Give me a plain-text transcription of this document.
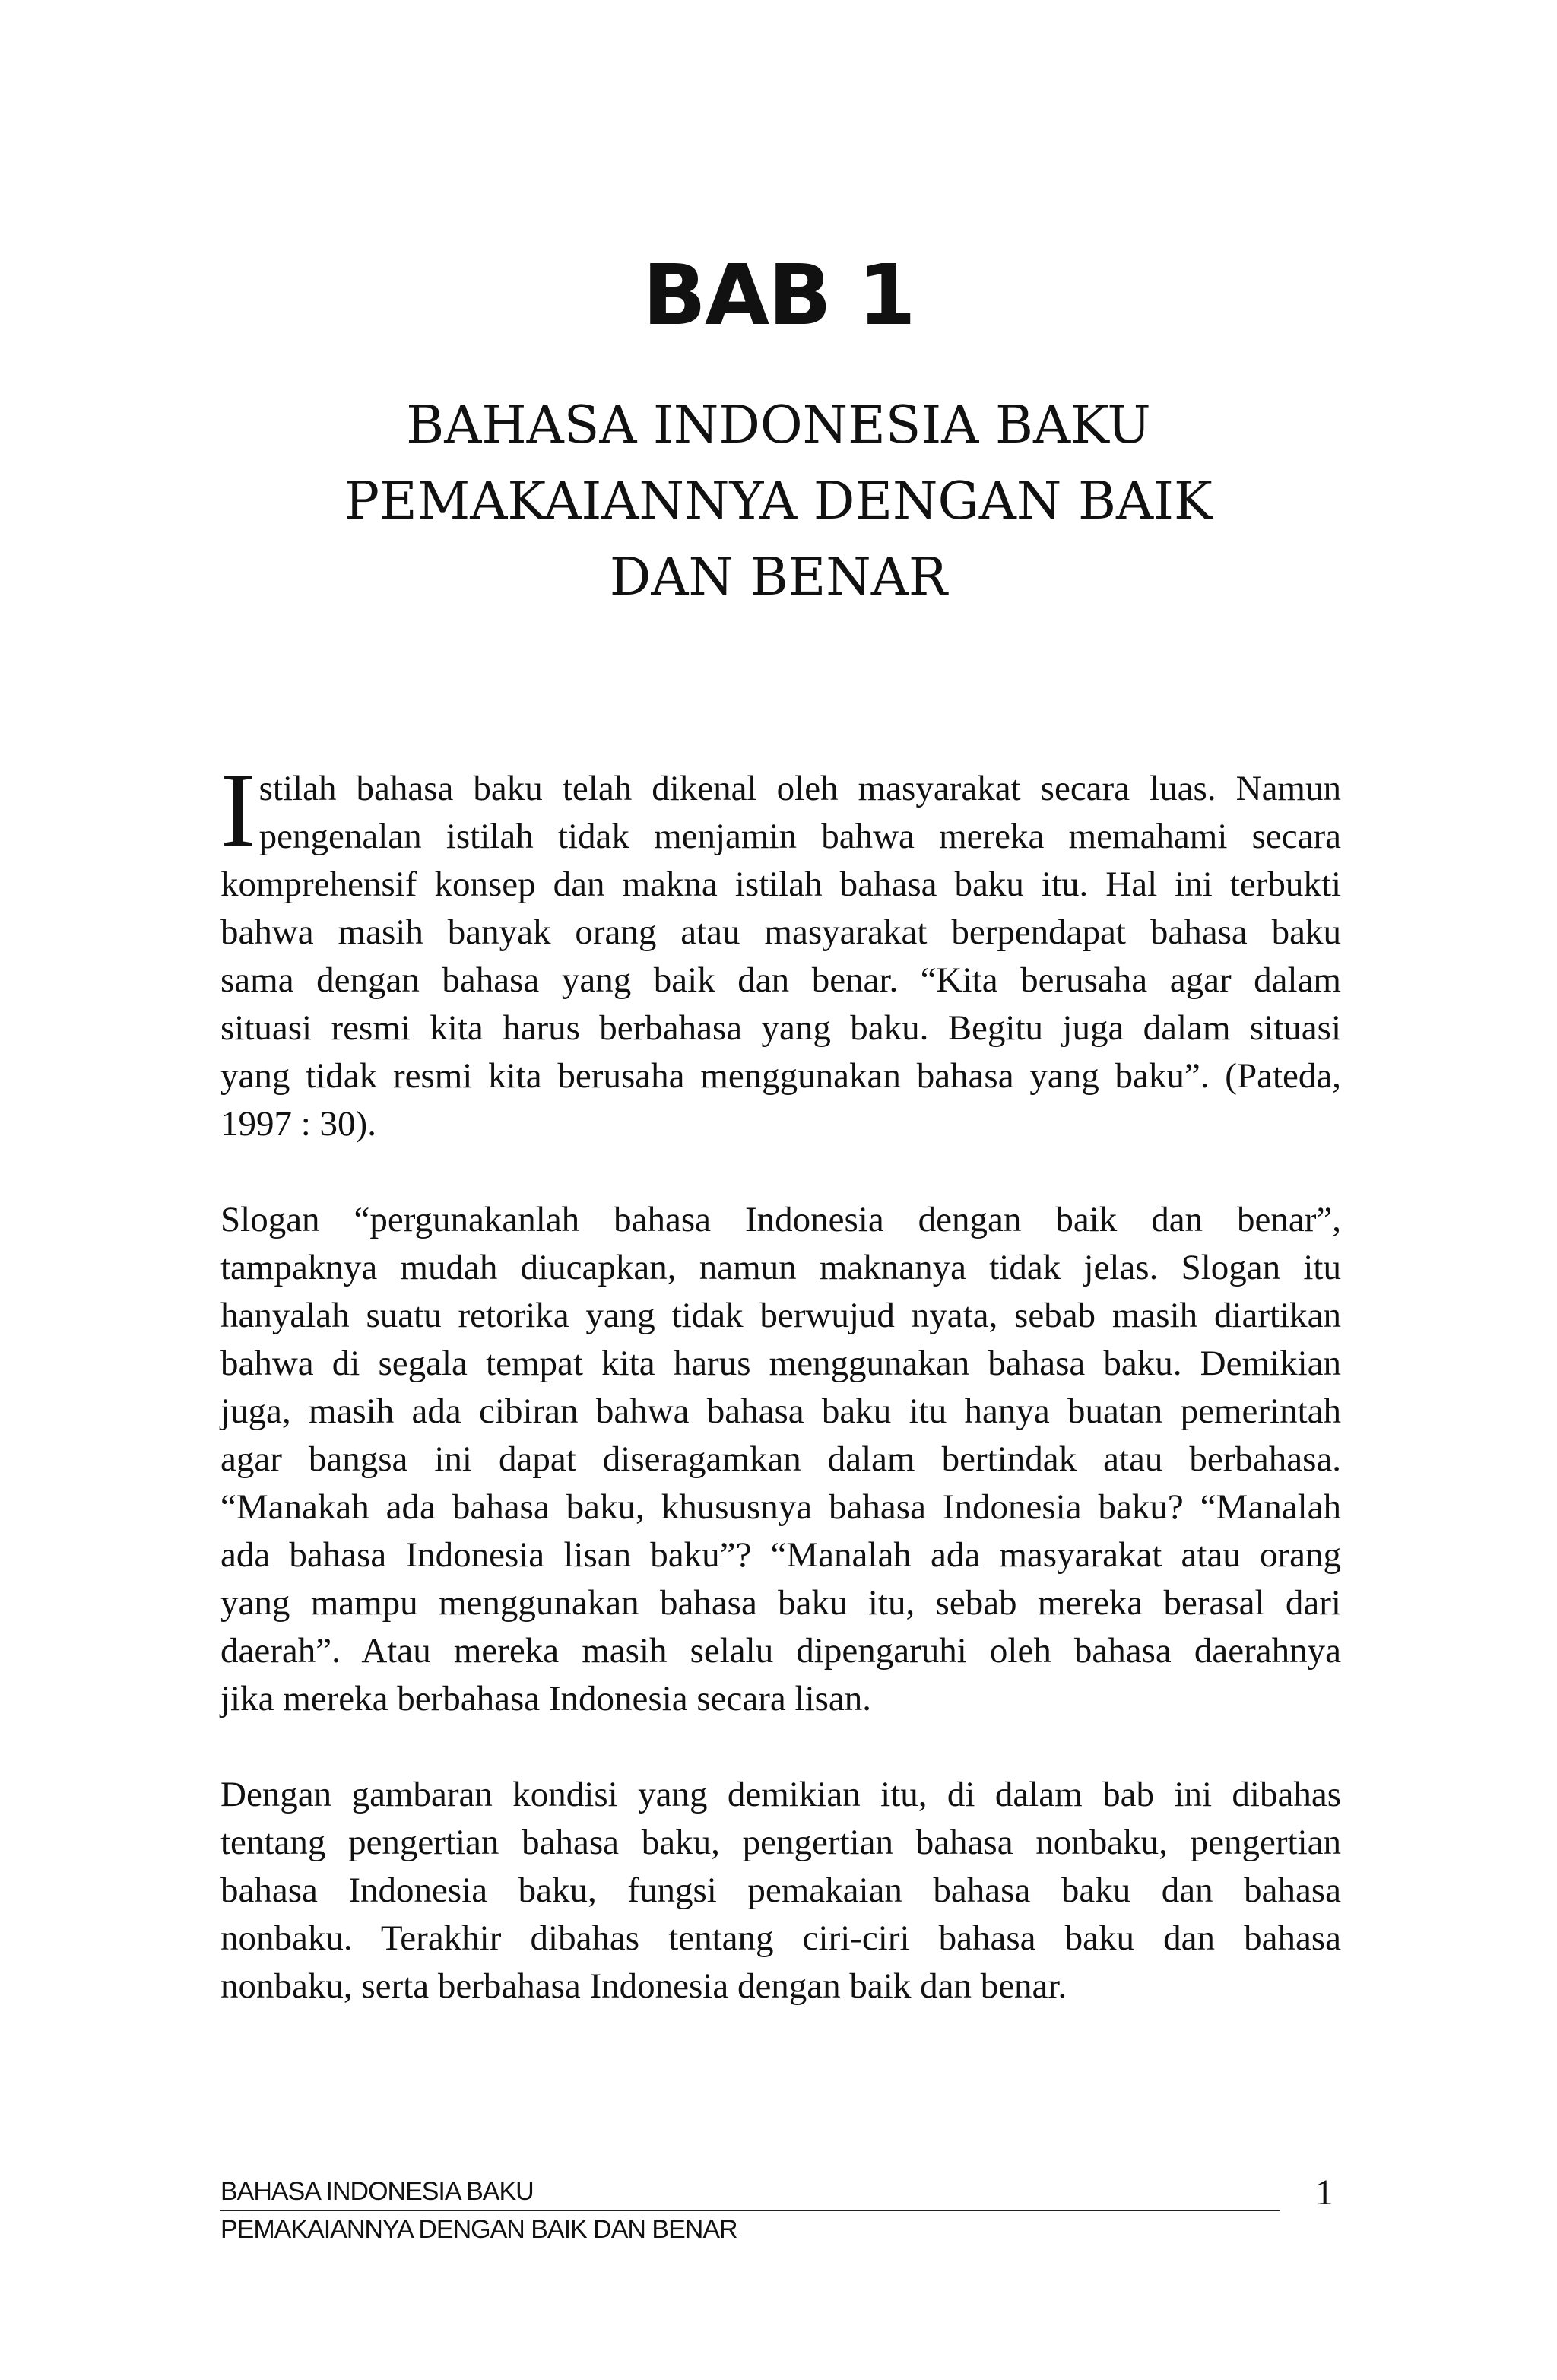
BAB 1
BAHASA INDONESIA BAKU
PEMAKAIANNYA DENGAN BAIK
DAN BENAR

I stilah bahasa baku telah dikenal oleh masyarakat secara luas. Namun
pengenalan istilah tidak menjamin bahwa mereka memahami secara
komprehensif konsep dan makna istilah bahasa baku itu. Hal ini terbukti
bahwa masih banyak orang atau masyarakat berpendapat bahasa baku
sama dengan bahasa yang baik dan benar. “Kita berusaha agar dalam
situasi resmi kita harus berbahasa yang baku. Begitu juga dalam situasi
yang tidak resmi kita berusaha menggunakan bahasa yang baku”. (Pateda,
1997 : 30).

Slogan “pergunakanlah bahasa Indonesia dengan baik dan benar”,
tampaknya mudah diucapkan, namun maknanya tidak jelas. Slogan itu
hanyalah suatu retorika yang tidak berwujud nyata, sebab masih diartikan
bahwa di segala tempat kita harus menggunakan bahasa baku. Demikian
juga, masih ada cibiran bahwa bahasa baku itu hanya buatan pemerintah
agar bangsa ini dapat diseragamkan dalam bertindak atau berbahasa.
“Manakah ada bahasa baku, khususnya bahasa Indonesia baku? “Manalah
ada bahasa Indonesia lisan baku”? “Manalah ada masyarakat atau orang
yang mampu menggunakan bahasa baku itu, sebab mereka berasal dari
daerah”. Atau mereka masih selalu dipengaruhi oleh bahasa daerahnya
jika mereka berbahasa Indonesia secara lisan.

Dengan gambaran kondisi yang demikian itu, di dalam bab ini dibahas
tentang pengertian bahasa baku, pengertian bahasa nonbaku, pengertian
bahasa Indonesia baku, fungsi pemakaian bahasa baku dan bahasa
nonbaku. Terakhir dibahas tentang ciri-ciri bahasa baku dan bahasa
nonbaku, serta berbahasa Indonesia dengan baik dan benar.

BAHASA INDONESIA BAKU
PEMAKAIANNYA DENGAN BAIK DAN BENAR
1
